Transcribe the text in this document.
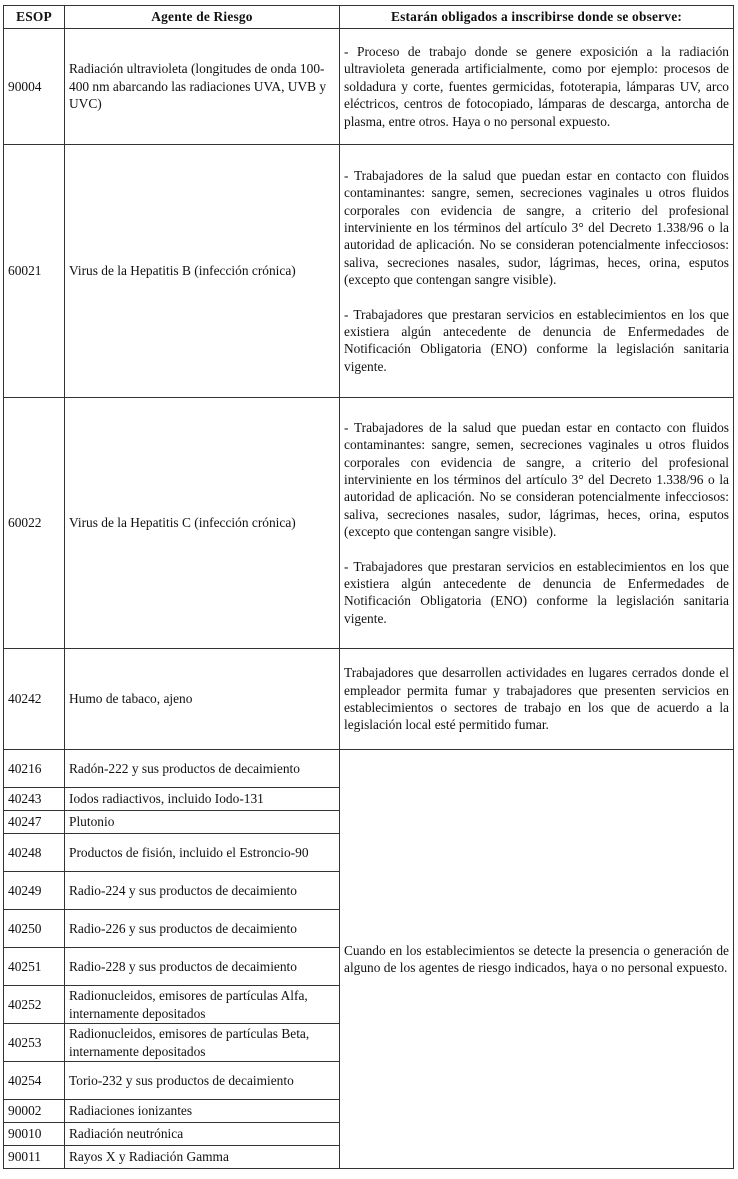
ESOP	Agente de Riesgo	Estarán obligados a inscribirse donde se observe:
90004	Radiación ultravioleta (longitudes de onda 100-400 nm abarcando las radiaciones UVA, UVB y UVC)	- Proceso de trabajo donde se genere exposición a la radiación ultravioleta generada artificialmente, como por ejemplo: procesos de soldadura y corte, fuentes germicidas, fototerapia, lámparas UV, arco eléctricos, centros de fotocopiado, lámparas de descarga, antorcha de plasma, entre otros. Haya o no personal expuesto.

60021	Virus de la Hepatitis B (infección crónica)	- Trabajadores de la salud que puedan estar en contacto con fluidos contaminantes: sangre, semen, secreciones vaginales u otros fluidos corporales con evidencia de sangre, a criterio del profesional interviniente en los términos del artículo 3° del Decreto 1.338/96 o la autoridad de aplicación. No se consideran potencialmente infecciosos: saliva, secreciones nasales, sudor, lágrimas, heces, orina, esputos (excepto que contengan sangre visible).

- Trabajadores que prestaran servicios en establecimientos en los que existiera algún antecedente de denuncia de Enfermedades de Notificación Obligatoria (ENO) conforme la legislación sanitaria vigente.

60022	Virus de la Hepatitis C (infección crónica)	- Trabajadores de la salud que puedan estar en contacto con fluidos contaminantes: sangre, semen, secreciones vaginales u otros fluidos corporales con evidencia de sangre, a criterio del profesional interviniente en los términos del artículo 3° del Decreto 1.338/96 o la autoridad de aplicación. No se consideran potencialmente infecciosos: saliva, secreciones nasales, sudor, lágrimas, heces, orina, esputos (excepto que contengan sangre visible).

- Trabajadores que prestaran servicios en establecimientos en los que existiera algún antecedente de denuncia de Enfermedades de Notificación Obligatoria (ENO) conforme la legislación sanitaria vigente.

40242	Humo de tabaco, ajeno	Trabajadores que desarrollen actividades en lugares cerrados donde el empleador permita fumar y trabajadores que presenten servicios en establecimientos o sectores de trabajo en los que de acuerdo a la legislación local esté permitido fumar.

40216	Radón-222 y sus productos de decaimiento	Cuando en los establecimientos se detecte la presencia o generación de alguno de los agentes de riesgo indicados, haya o no personal expuesto.
40243	Iodos radiactivos, incluido Iodo-131	
40247	Plutonio	
40248	Productos de fisión, incluido el Estroncio-90	
40249	Radio-224 y sus productos de decaimiento	
40250	Radio-226 y sus productos de decaimiento	
40251	Radio-228 y sus productos de decaimiento	
40252	Radionucleidos, emisores de partículas Alfa, internamente depositados	
40253	Radionucleidos, emisores de partículas Beta, internamente depositados	
40254	Torio-232 y sus productos de decaimiento	
90002	Radiaciones ionizantes	
90010	Radiación neutrónica	
90011	Rayos X y Radiación Gamma	
